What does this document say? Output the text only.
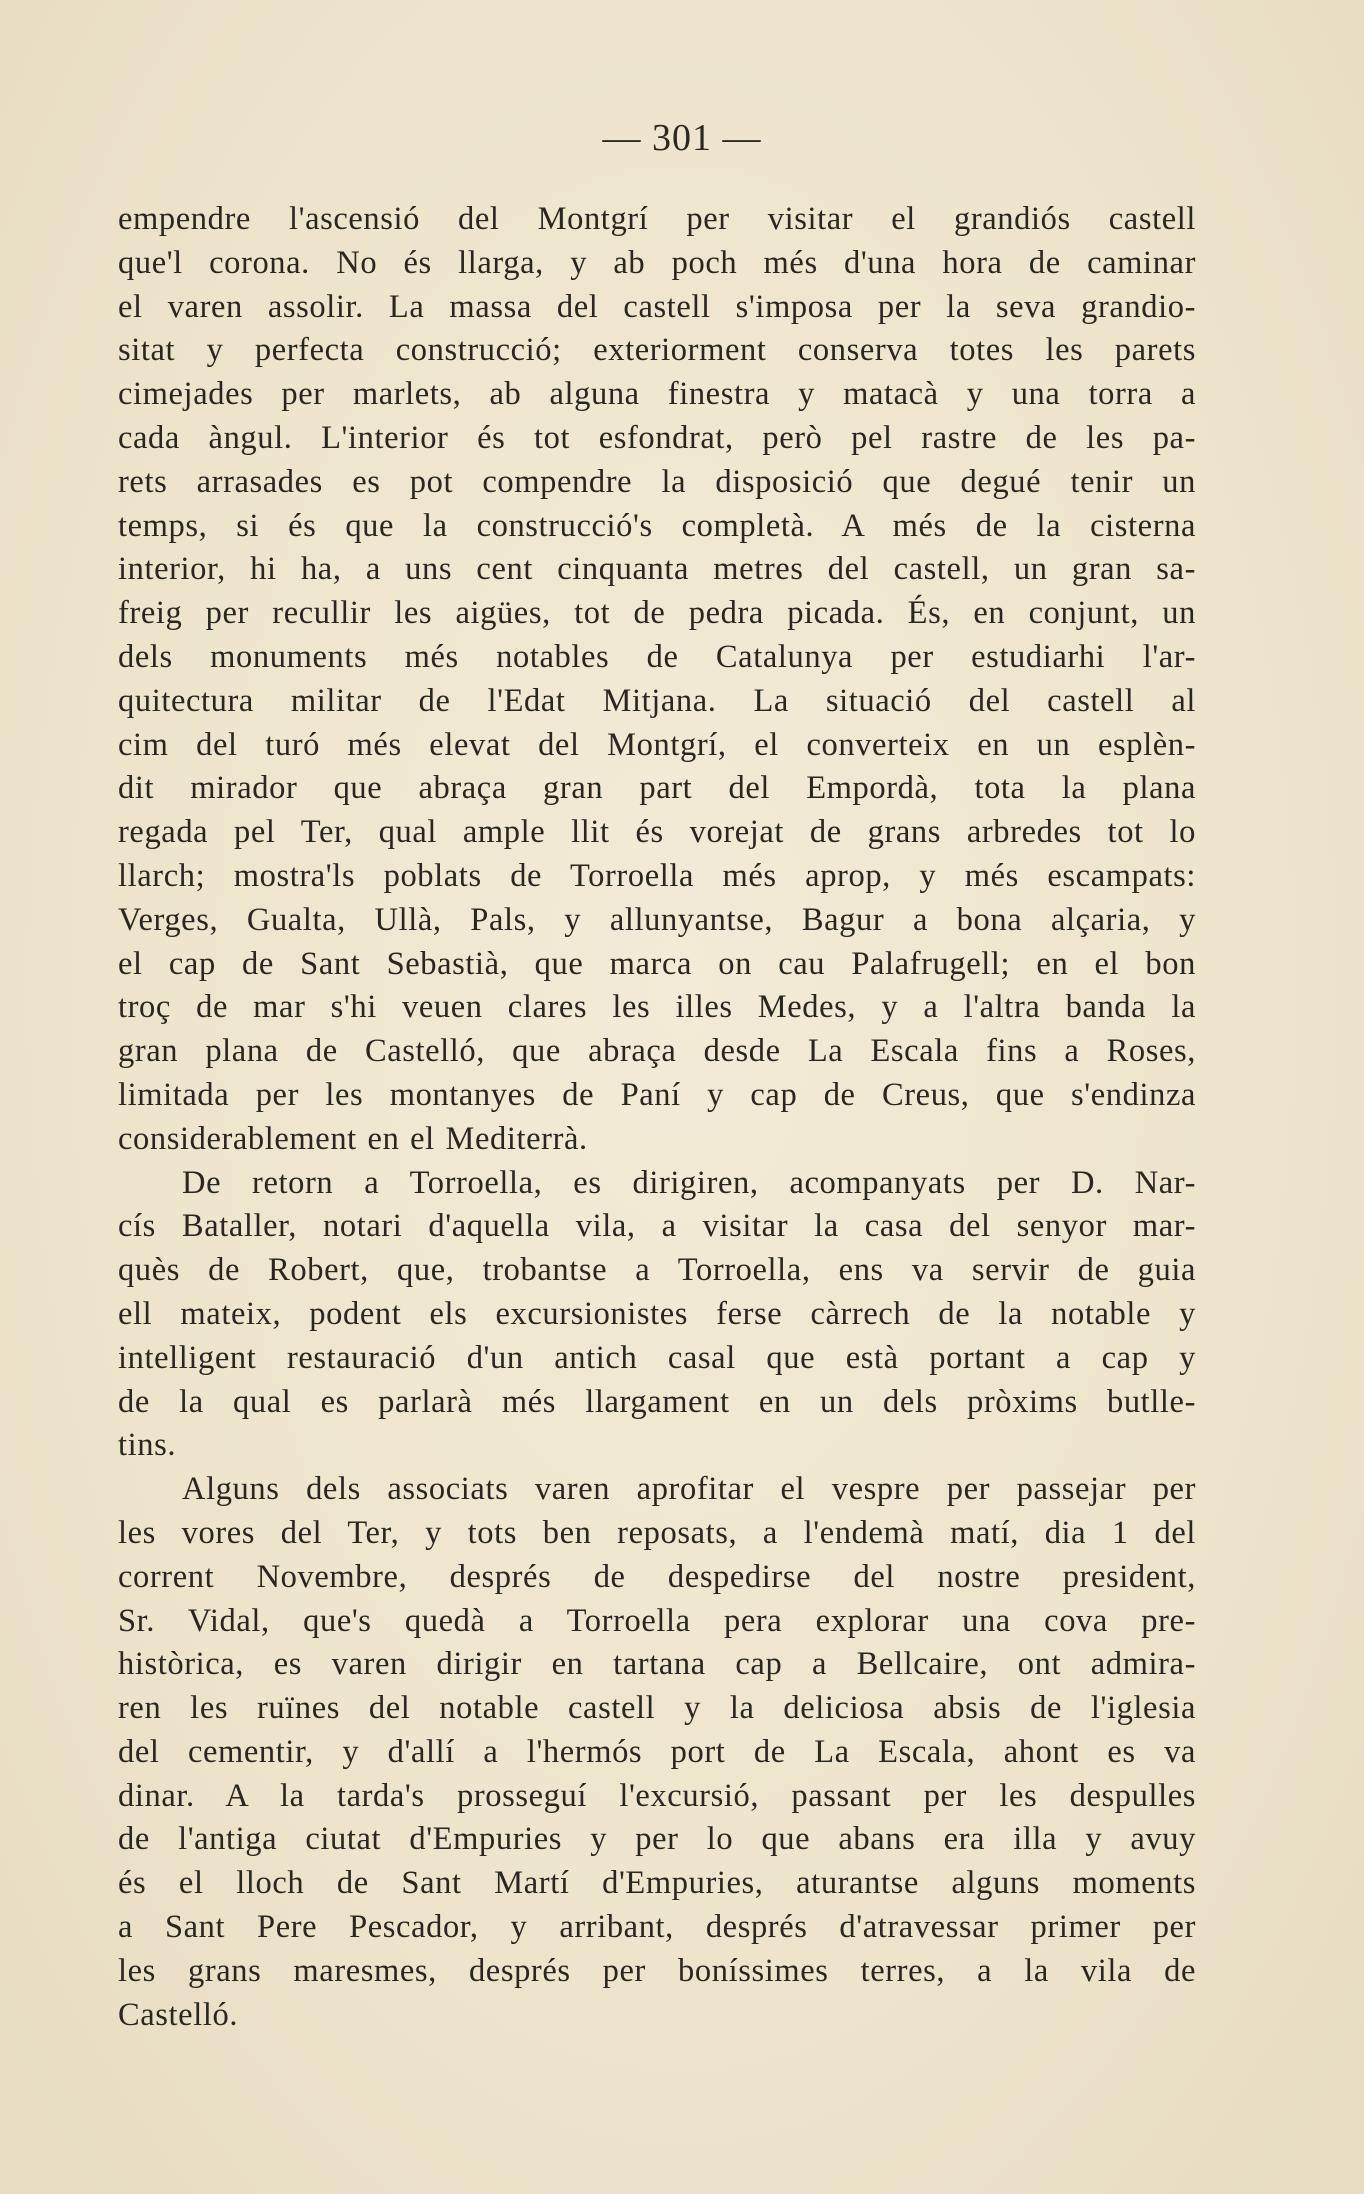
— 301 —
empendre l'ascensió del Montgrí per visitar el grandiós castell
que'l corona. No és llarga, y ab poch més d'una hora de caminar
el varen assolir. La massa del castell s'imposa per la seva grandio-
sitat y perfecta construcció; exteriorment conserva totes les parets
cimejades per marlets, ab alguna finestra y matacà y una torra a
cada àngul. L'interior és tot esfondrat, però pel rastre de les pa-
rets arrasades es pot compendre la disposició que degué tenir un
temps, si és que la construcció's completà. A més de la cisterna
interior, hi ha, a uns cent cinquanta metres del castell, un gran sa-
freig per recullir les aigües, tot de pedra picada. És, en conjunt, un
dels monuments més notables de Catalunya per estudiarhi l'ar-
quitectura militar de l'Edat Mitjana. La situació del castell al
cim del turó més elevat del Montgrí, el converteix en un esplèn-
dit mirador que abraça gran part del Empordà, tota la plana
regada pel Ter, qual ample llit és vorejat de grans arbredes tot lo
llarch; mostra'ls poblats de Torroella més aprop, y més escampats:
Verges, Gualta, Ullà, Pals, y allunyantse, Bagur a bona alçaria, y
el cap de Sant Sebastià, que marca on cau Palafrugell; en el bon
troç de mar s'hi veuen clares les illes Medes, y a l'altra banda la
gran plana de Castelló, que abraça desde La Escala fins a Roses,
limitada per les montanyes de Paní y cap de Creus, que s'endinza
considerablement en el Mediterrà.
De retorn a Torroella, es dirigiren, acompanyats per D. Nar-
cís Bataller, notari d'aquella vila, a visitar la casa del senyor mar-
quès de Robert, que, trobantse a Torroella, ens va servir de guia
ell mateix, podent els excursionistes ferse càrrech de la notable y
intelligent restauració d'un antich casal que està portant a cap y
de la qual es parlarà més llargament en un dels pròxims butlle-
tins.
Alguns dels associats varen aprofitar el vespre per passejar per
les vores del Ter, y tots ben reposats, a l'endemà matí, dia 1 del
corrent Novembre, després de despedirse del nostre president,
Sr. Vidal, que's quedà a Torroella pera explorar una cova pre-
històrica, es varen dirigir en tartana cap a Bellcaire, ont admira-
ren les ruïnes del notable castell y la deliciosa absis de l'iglesia
del cementir, y d'allí a l'hermós port de La Escala, ahont es va
dinar. A la tarda's prosseguí l'excursió, passant per les despulles
de l'antiga ciutat d'Empuries y per lo que abans era illa y avuy
és el lloch de Sant Martí d'Empuries, aturantse alguns moments
a Sant Pere Pescador, y arribant, després d'atravessar primer per
les grans maresmes, després per boníssimes terres, a la vila de
Castelló.
